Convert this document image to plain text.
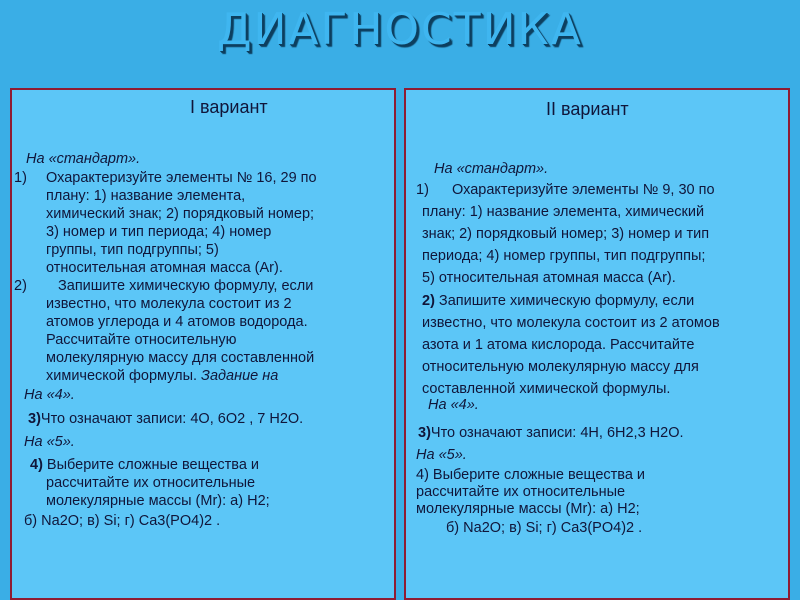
ДИАГНОСТИКА
I вариант
На «стандарт».
1) Охарактеризуйте элементы № 16, 29 по
плану: 1) название элемента,
химический знак; 2) порядковый номер;
3) номер и тип периода; 4) номер
группы, тип подгруппы; 5)
относительная атомная масса (Ar).
2) Запишите химическую формулу, если
известно, что молекула состоит из 2
атомов углерода и 4 атомов водорода.
Рассчитайте относительную
молекулярную массу для составленной
химической формулы. Задание на
На «4».
3)Что означают записи: 4O, 6O2 , 7 H2O.
На «5».
4) Выберите сложные вещества и
рассчитайте их относительные
молекулярные массы (Mr): а) H2;
б) Na2O; в) Si; г) Ca3(PO4)2 .
II вариант
На «стандарт».
1) Охарактеризуйте элементы № 9, 30 по
плану: 1) название элемента, химический
знак; 2) порядковый номер; 3) номер и тип
периода; 4) номер группы, тип подгруппы;
5) относительная атомная масса (Ar).
2) Запишите химическую формулу, если
известно, что молекула состоит из 2 атомов
азота и 1 атома кислорода. Рассчитайте
относительную молекулярную массу для
составленной химической формулы.
На «4».
3)Что означают записи: 4H, 6H2,3 H2O.
На «5».
4) Выберите сложные вещества и
рассчитайте их относительные
молекулярные массы (Mr): а) H2;
б) Na2O; в) Si; г) Ca3(PO4)2 .
